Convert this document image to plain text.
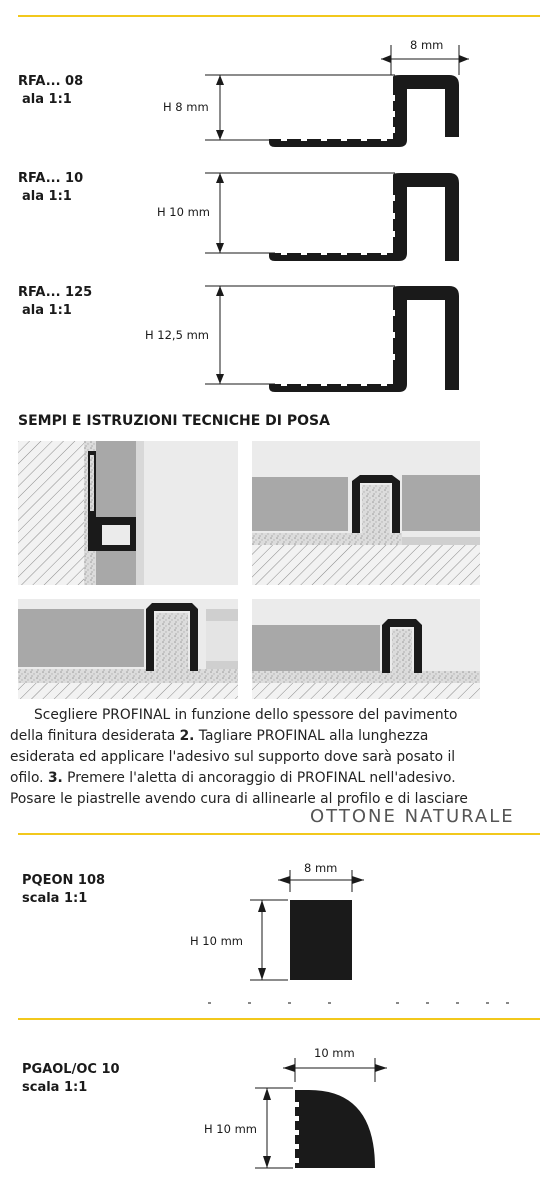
RFA... 08
ala 1:1	H 8 mm
8 mm
RFA... 10
ala 1:1
H 10 mm
RFA... 125
ala 1:1
H 12,5 mm
SEMPI E ISTRUZIONI TECNICHE DI POSA

Scegliere PROFINAL in funzione dello spessore del pavimento

della finitura desiderata 2. Tagliare PROFINAL alla lunghezza

esiderata ed applicare l'adesivo sul supporto dove sarà posato il

ofilo. 3. Premere l'aletta di ancoraggio di PROFINAL nell'adesivo.

Posare le piastrelle avendo cura di allinearle al profilo e di lasciare

OTTONE NATURALE
PQEON 108
scala 1:1
8 mm
H 10 mm
PGAOL/OC 10
scala 1:1
10 mm
H 10 mm
